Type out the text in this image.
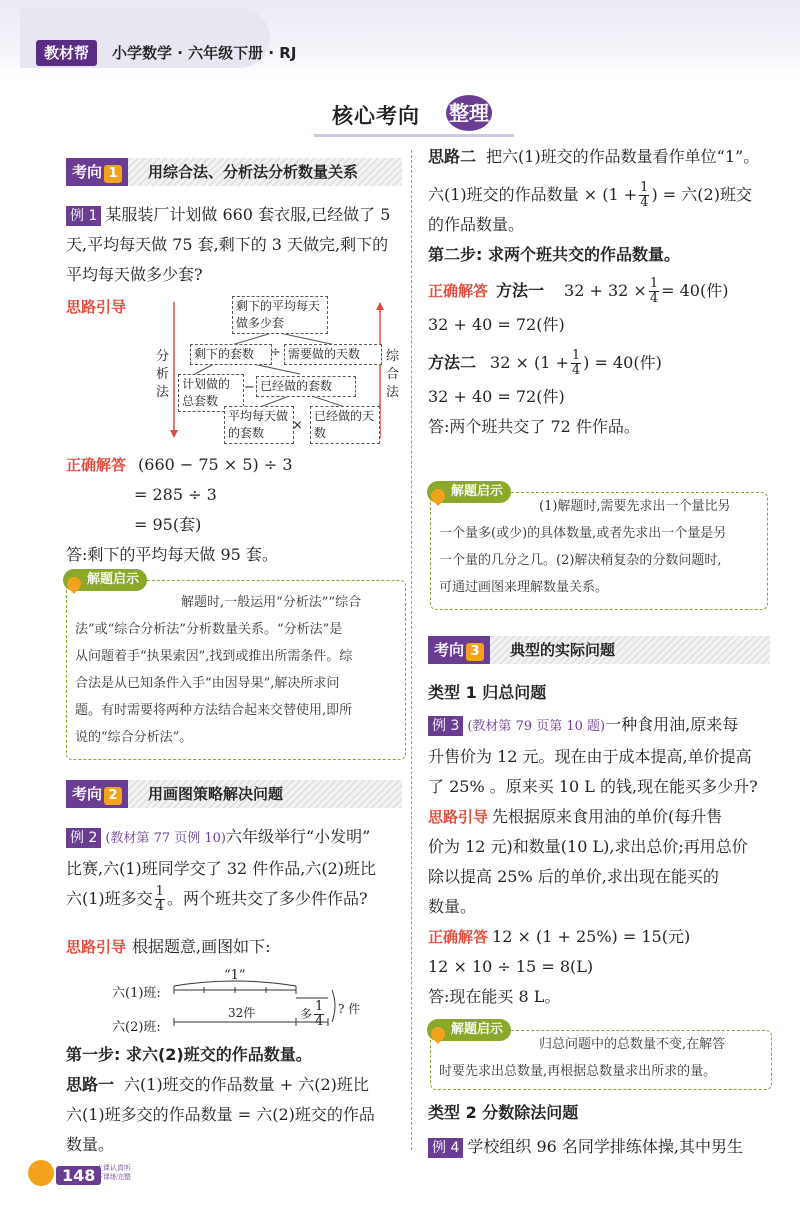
教材帮	小学数学 · 六年级下册 · RJ
核心考向 整理
考向 1	用综合法、分析法分析数量关系
例 1 某服装厂计划做 660 套衣服,已经做了 5
天,平均每天做 75 套,剩下的 3 天做完,剩下的
平均每天做多少套?
思路引导	剩下的平均每天做多少套
剩下的套数	÷ 需要做的天数
计划做的总套数
− 已经做的套数
平均每天做的套数	×
已经做的天数
分析法
综合法
正确解答 (660 − 75 × 5) ÷ 3
= 285 ÷ 3
= 95(套)
答:剩下的平均每天做 95 套。
解题启示
解题时,一般运用“分析法”“综合
法”或“综合分析法”分析数量关系。“分析法”是
从问题着手“执果索因”,找到或推出所需条件。综
合法是从已知条件入手“由因导果”,解决所求问
题。有时需要将两种方法结合起来交替使用,即所
说的“综合分析法”。
考向 2	用画图策略解决问题
例 2 (教材第 77 页例 10)六年级举行“小发明”
比赛,六(1)班同学交了 32 件作品,六(2)班比
六(1)班多交 $\frac{1}{4}$ 。两个班共交了多少件作品?
思路引导 根据题意,画图如下:
“1”
六(1)班:
六(2)班:
32件	多 $\frac{1}{4}$ ? 件
第一步: 求六(2)班交的作品数量。
思路一 六(1)班交的作品数量 + 六(2)班比
六(1)班多交的作品数量 = 六(2)班交的作品
数量。
思路二 把六(1)班交的作品数量看作单位“1”。
六(1)班交的作品数量 × ($1 + \frac{1}{4}$ ) = 六(2)班交
的作品数量。
第二步: 求两个班共交的作品数量。
正确解答 方法一 $32 + 32 \times \frac{1}{4} = 40$(件)
32 + 40 = 72(件)
方法二 $32 \times (1 + \frac{1}{4}$ ) = 40(件)
32 + 40 = 72(件)
答:两个班共交了 72 件作品。
解题启示
(1)解题时,需要先求出一个量比另
一个量多(或少)的具体数量,或者先求出一个量是另
一个量的几分之几。(2)解决稍复杂的分数问题时,
可通过画图来理解数量关系。
考向 3	典型的实际问题
类型 1 归总问题
例 3 (教材第 79 页第 10 题)一种食用油,原来每
升售价为 12 元。现在由于成本提高,单价提高
了 25% 。原来买 10 L 的钱,现在能买多少升?
思路引导 先根据原来食用油的单价(每升售
价为 12 元)和数量(10 L),求出总价;再用总价
除以提高 25% 后的单价,求出现在能买的
数量。
正确解答 12 × (1 + 25%) = 15(元)
12 × 10 ÷ 15 = 8(L)
答:现在能买 8 L。
解题启示
归总问题中的总数量不变,在解答
时要先求出总数量,再根据总数量求出所求的量。
类型 2 分数除法问题
例 4 学校组织 96 名同学排练体操,其中男生
148 上课认真听
下课练完整
